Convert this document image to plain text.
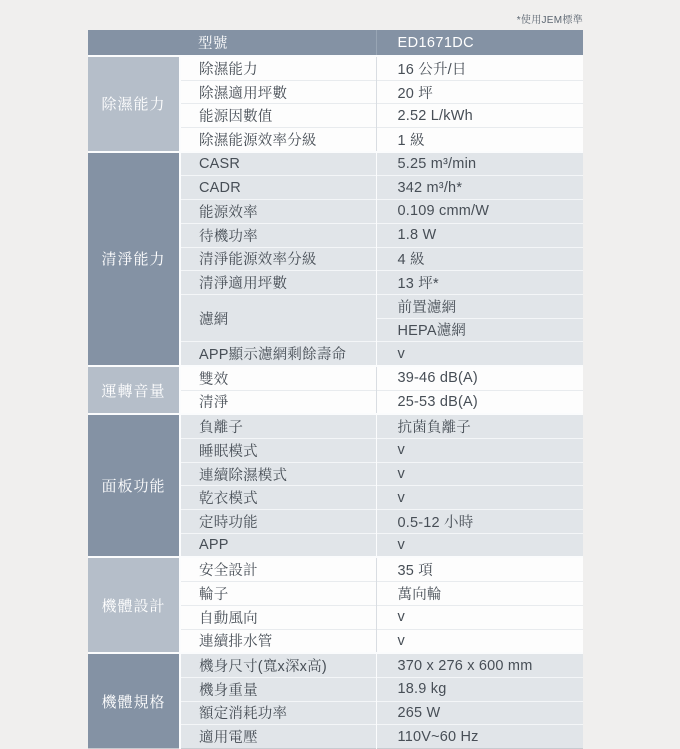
*使用JEM標準
	型號	ED1671DC
除濕能力	除濕能力	16 公升/日
	除濕適用坪數	20 坪
	能源因數值	2.52 L/kWh
	除濕能源效率分級	1 級
清淨能力	CASR	5.25 m³/min
	CADR	342 m³/h*
	能源效率	0.109 cmm/W
	待機功率	1.8 W
	清淨能源效率分級	4 級
	清淨適用坪數	13 坪*
	濾網	前置濾網
		HEPA濾網
	APP顯示濾網剩餘壽命	v
運轉音量	雙效	39-46 dB(A)
	清淨	25-53 dB(A)
面板功能	負離子	抗菌負離子
	睡眠模式	v
	連續除濕模式	v
	乾衣模式	v
	定時功能	0.5-12 小時
	APP	v
機體設計	安全設計	35 項
	輪子	萬向輪
	自動風向	v
	連續排水管	v
機體規格	機身尺寸(寬x深x高)	370 x 276 x 600 mm
	機身重量	18.9 kg
	額定消耗功率	265 W
	適用電壓	110V~60 Hz
